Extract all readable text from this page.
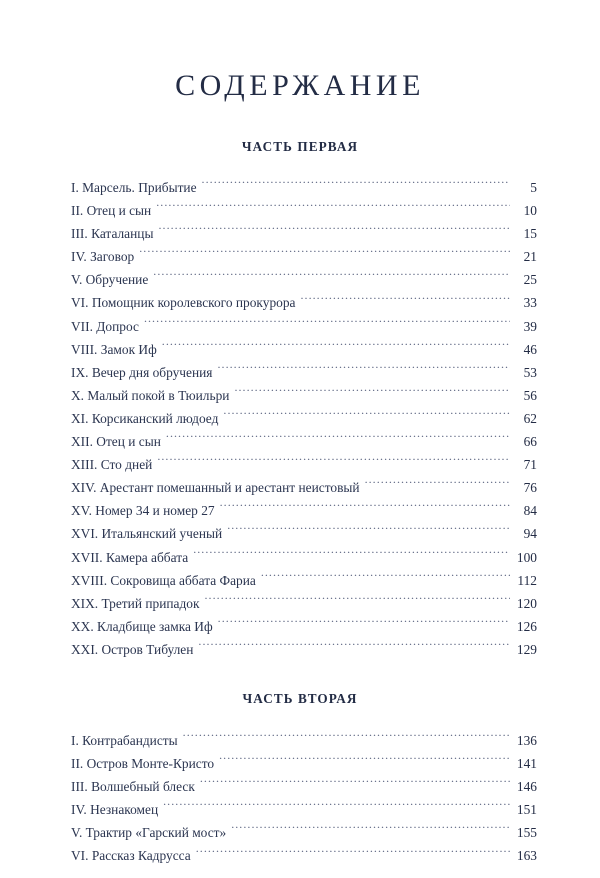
СОДЕРЖАНИЕ
ЧАСТЬ ПЕРВАЯ
I. Марсель. Прибытие .....	5
II. Отец и сын .....	10
III. Каталанцы .....	15
IV. Заговор .....	21
V. Обручение .....	25
VI. Помощник королевского прокурора .....	33
VII. Допрос .....	39
VIII. Замок Иф .....	46
IX. Вечер дня обручения .....	53
X. Малый покой в Тюильри .....	56
XI. Корсиканский людоед .....	62
XII. Отец и сын .....	66
XIII. Сто дней .....	71
XIV. Арестант помешанный и арестант неистовый .....	76
XV. Номер 34 и номер 27 .....	84
XVI. Итальянский ученый .....	94
XVII. Камера аббата .....	100
XVIII. Сокровища аббата Фариа .....	112
XIX. Третий припадок .....	120
XX. Кладбище замка Иф .....	126
XXI. Остров Тибулен .....	129
ЧАСТЬ ВТОРАЯ
I. Контрабандисты .....	136
II. Остров Монте-Кристо .....	141
III. Волшебный блеск .....	146
IV. Незнакомец .....	151
V. Трактир «Гарский мост» .....	155
VI. Рассказ Кадрусса .....	163
